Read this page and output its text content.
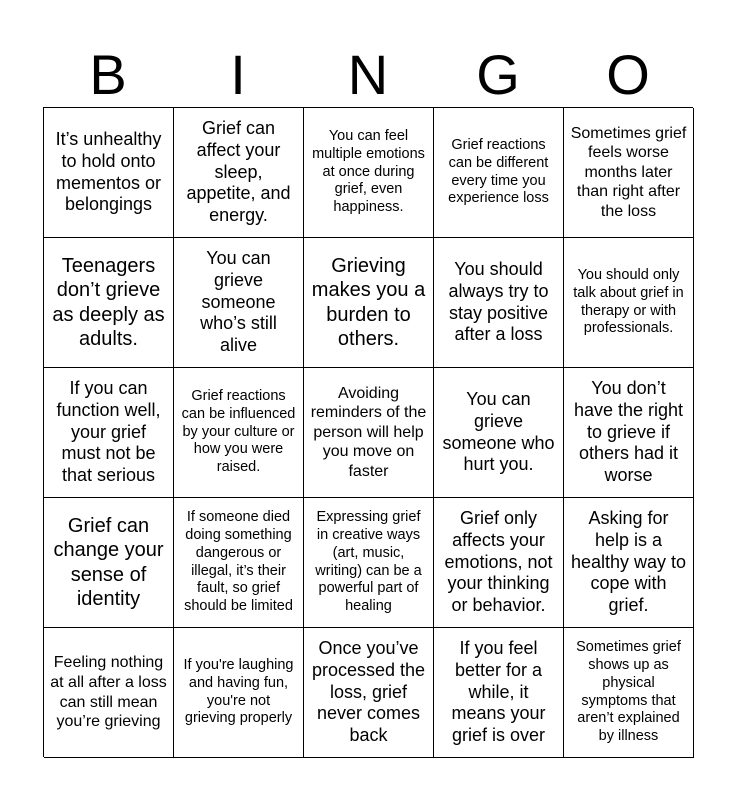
B	I	N	G	O
It’s unhealthy to hold onto mementos or belongings
Grief can affect your sleep, appetite, and energy.
You can feel multiple emotions at once during grief, even happiness.
Grief reactions can be different every time you experience loss
Sometimes grief feels worse months later than right after the loss
Teenagers don’t grieve as deeply as adults.
You can grieve someone who’s still alive
Grieving makes you a burden to others.
You should always try to stay positive after a loss
You should only talk about grief in therapy or with professionals.
If you can function well, your grief must not be that serious
Grief reactions can be influenced by your culture or how you were raised.
Avoiding reminders of the person will help you move on faster
You can grieve someone who hurt you.
You don’t have the right to grieve if others had it worse
Grief can change your sense of identity
If someone died doing something dangerous or illegal, it’s their fault, so grief should be limited
Expressing grief in creative ways (art, music, writing) can be a powerful part of healing
Grief only affects your emotions, not your thinking or behavior.
Asking for help is a healthy way to cope with grief.
Feeling nothing at all after a loss can still mean you’re grieving
If you're laughing and having fun, you're not grieving properly
Once you’ve processed the loss, grief never comes back
If you feel better for a while, it means your grief is over
Sometimes grief shows up as physical symptoms that aren’t explained by illness
